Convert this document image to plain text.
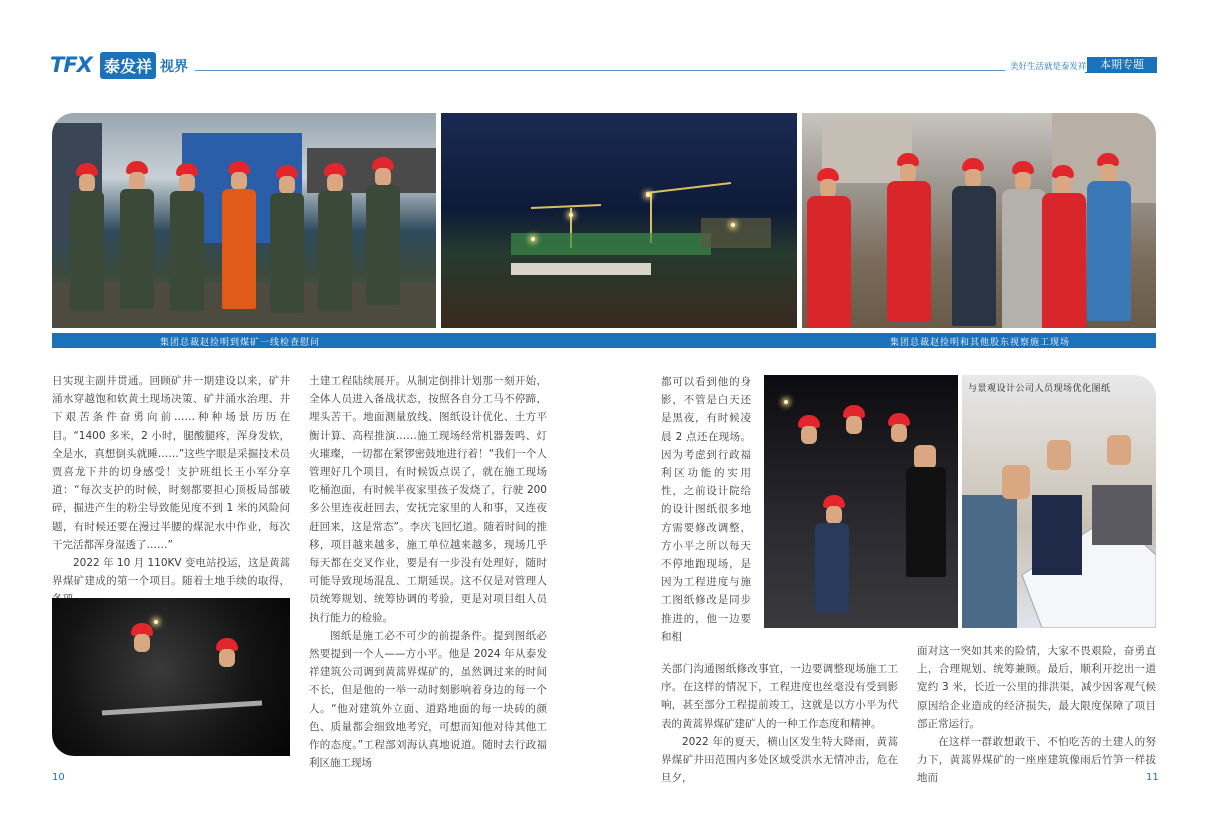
TFX 泰发祥 视界	美好生活就是泰发祥	本期专题
集团总裁赵捡明到煤矿一线检查慰问	集团总裁赵捡明和其他股东视察施工现场

日实现主副井贯通。回顾矿井一期建设以来，矿井涌水穿越饱和软黄土现场决策、矿井涌水治理、井下艰苦条件奋勇向前……种种场景历历在目。“1400 多米，2 小时，腿酸腿疼，浑身发软，全是水，真想倒头就睡……”这些字眼是采掘技术员贾喜龙下井的切身感受！支护班组长王小军分享道：“每次支护的时候，时刻都要担心顶板局部破碎，掘进产生的粉尘导致能见度不到 1 米的风险问题，有时候还要在漫过半腰的煤泥水中作业，每次干完活都浑身湿透了……”

2022 年 10 月 110KV 变电站投运，这是黄蒿界煤矿建成的第一个项目。随着土地手续的取得，

土建工程陆续展开。从制定倒排计划那一刻开始，全体人员进入备战状态，按照各自分工马不停蹄，埋头苦干。地面测量放线、图纸设计优化、土方平衡计算、高程推演……施工现场经常机器轰鸣、灯火璀璨，一切都在紧锣密鼓地进行着！“我们一个人管理好几个项目，有时候饭点误了，就在施工现场吃桶泡面，有时候半夜家里孩子发烧了，行驶 200 多公里连夜赶回去，安抚完家里的人和事，又连夜赶回来，这是常态”。李庆飞回忆道。随着时间的推移，项目越来越多，施工单位越来越多，现场几乎每天都在交叉作业，要是有一步没有处理好，随时可能导致现场混乱、工期延误。这不仅是对管理人员统筹规划、统筹协调的考验，更是对项目组人员执行能力的检验。

图纸是施工必不可少的前提条件。提到图纸必然要提到一个人——方小平。他是 2024 年从泰发祥建筑公司调到黄蒿界煤矿的，虽然调过来的时间不长，但是他的一举一动时刻影响着身边的每一个人。“他对建筑外立面、道路地面的每一块砖的颜色、质量都会细致地考究，可想而知他对待其他工作的态度。”工程部刘海认真地说道。随时去行政福利区施工现场

都可以看到他的身影，不管是白天还是黑夜，有时候凌晨 2 点还在现场。因为考虑到行政福利区功能的实用性，之前设计院给的设计图纸很多地方需要修改调整，方小平之所以每天不停地跑现场，是因为工程进度与施工图纸修改是同步推进的，他一边要和相

与景观设计公司人员现场优化图纸

关部门沟通图纸修改事宜，一边要调整现场施工工序。在这样的情况下，工程进度也丝毫没有受到影响，甚至部分工程提前竣工，这就是以方小平为代表的黄蒿界煤矿建矿人的一种工作态度和精神。

2022 年的夏天，横山区发生特大降雨，黄蒿界煤矿井田范围内多处区域受洪水无情冲击，危在旦夕，

面对这一突如其来的险情，大家不畏艰险，奋勇直上，合理规划、统筹兼顾。最后，顺利开挖出一道宽约 3 米，长近一公里的排洪渠，减少因客观气候原因给企业造成的经济损失，最大限度保障了项目部正常运行。

在这样一群敢想敢干、不怕吃苦的土建人的努力下，黄蒿界煤矿的一座座建筑像雨后竹笋一样拔地而

10	11
